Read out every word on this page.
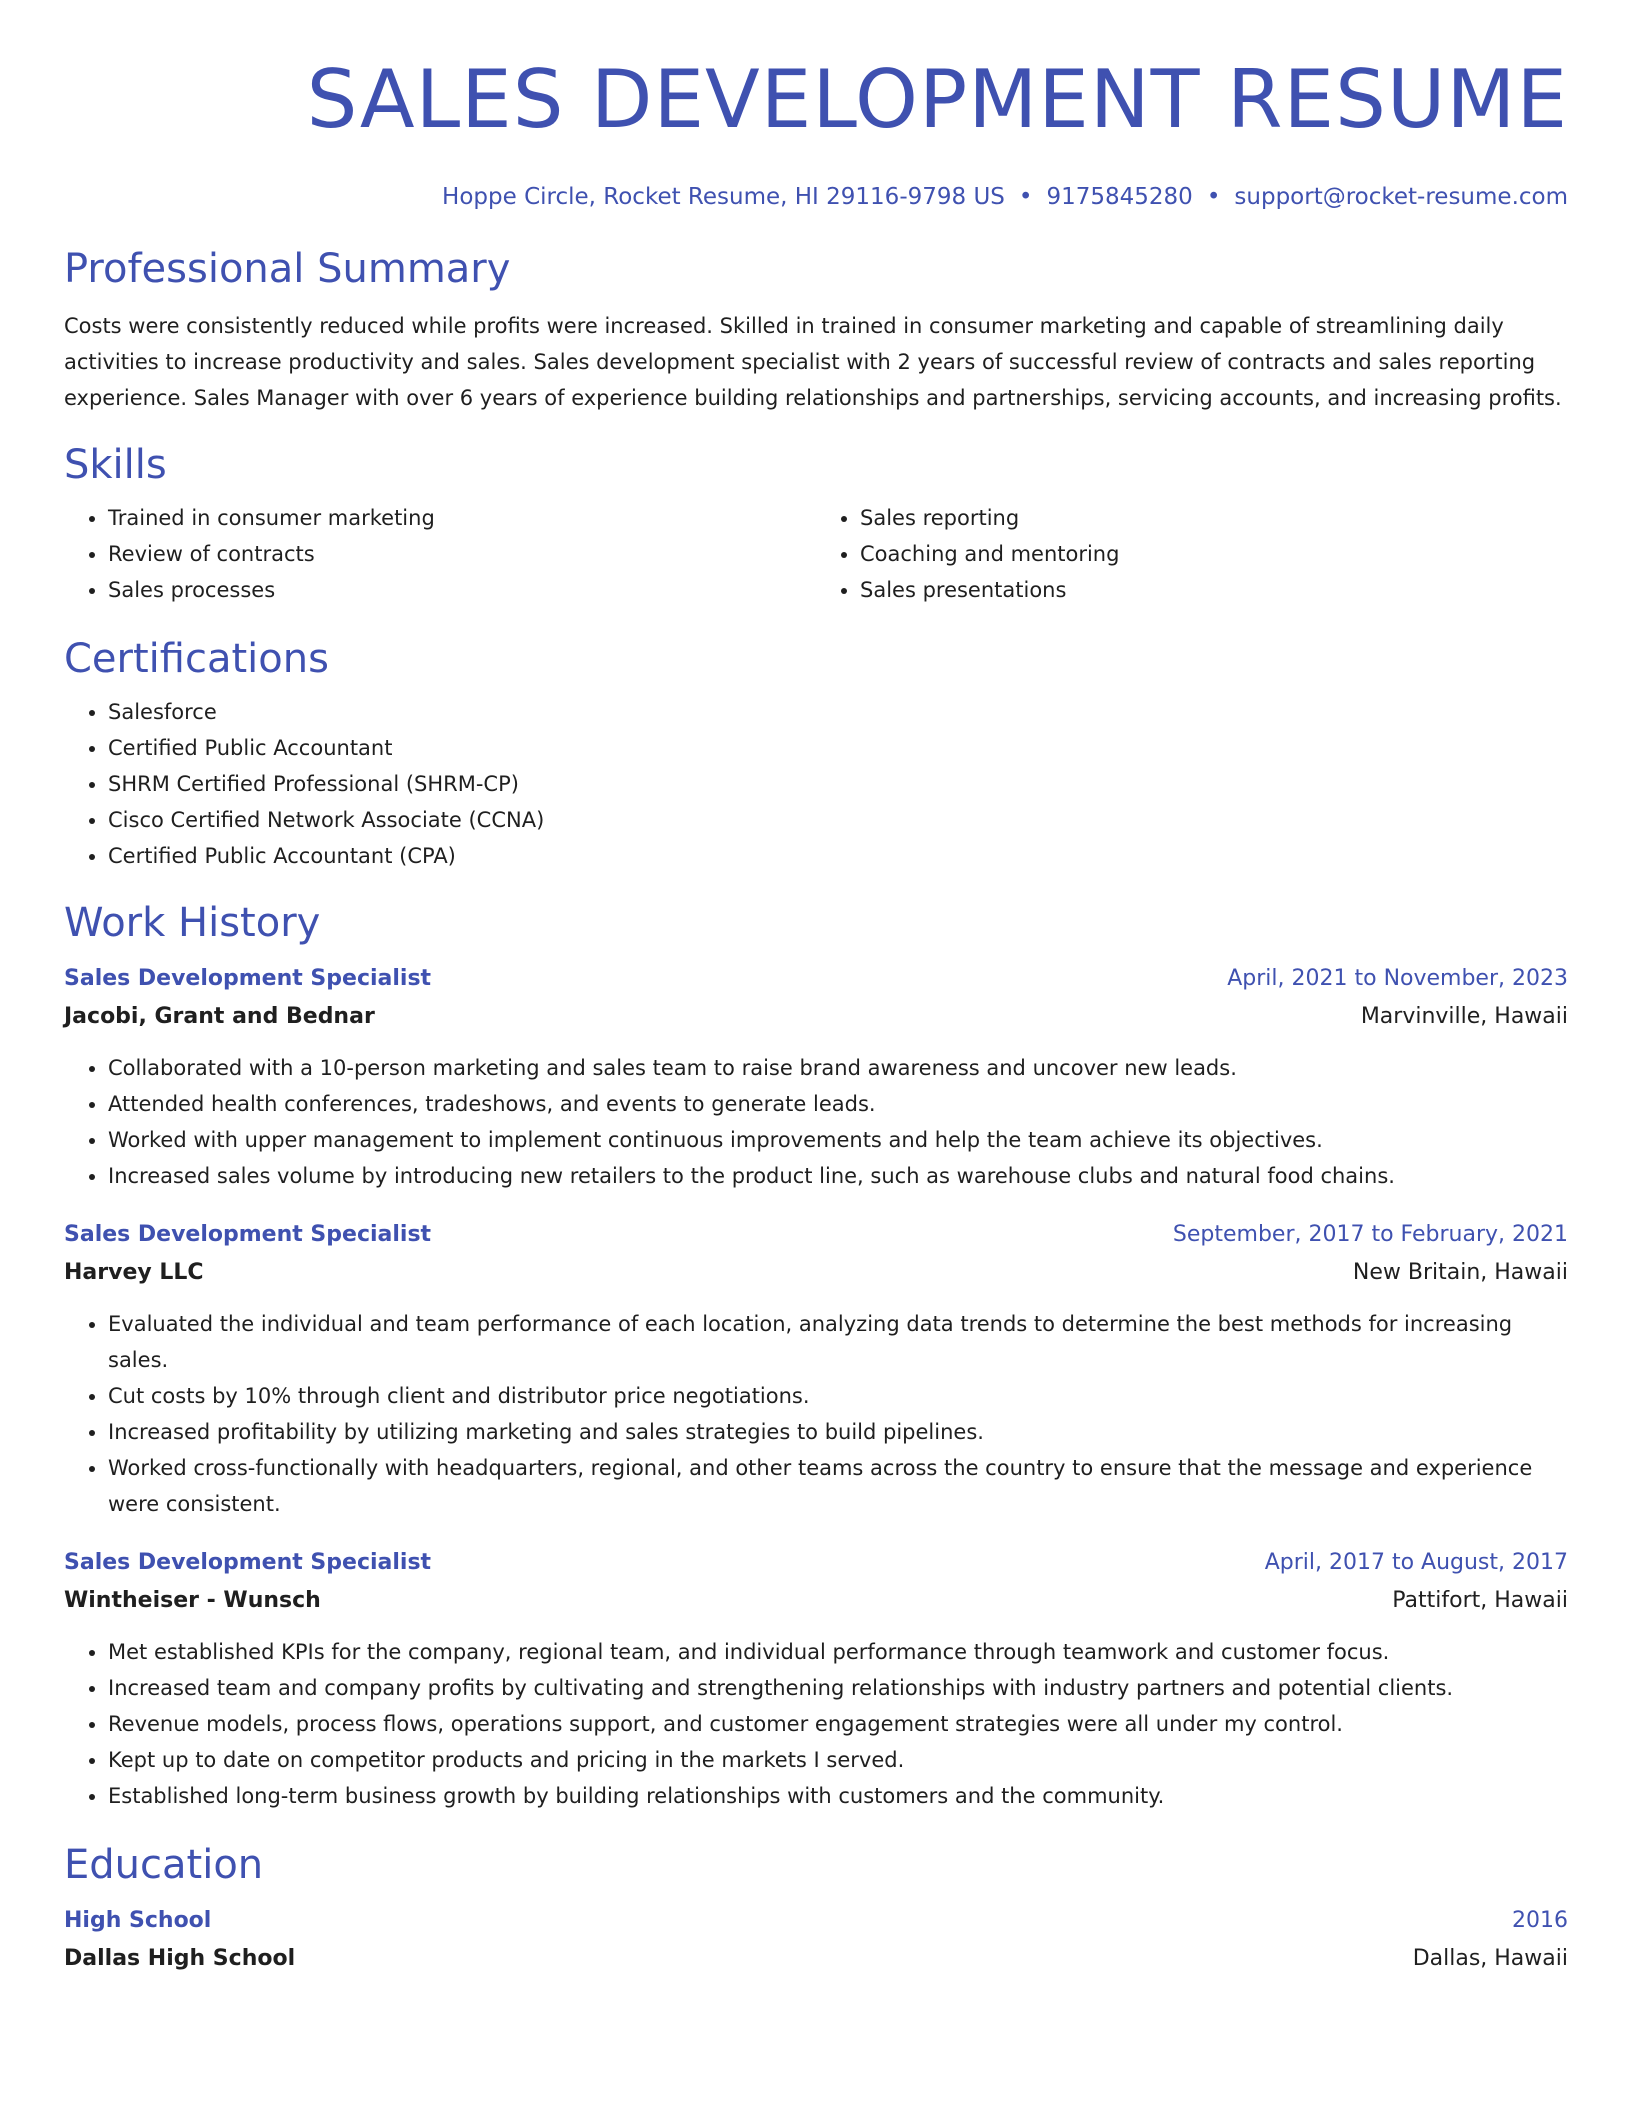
SALES DEVELOPMENT RESUME
Hoppe Circle, Rocket Resume, HI 29116-9798 US • 9175845280 • support@rocket-resume.com
Professional Summary

Costs were consistently reduced while profits were increased. Skilled in trained in consumer marketing and capable of streamlining daily activities to increase productivity and sales. Sales development specialist with 2 years of successful review of contracts and sales reporting experience. Sales Manager with over 6 years of experience building relationships and partnerships, servicing accounts, and increasing profits.

Skills
• Trained in consumer marketing
• Review of contracts
• Sales processes
• Sales reporting
• Coaching and mentoring
• Sales presentations
Certifications
• Salesforce
• Certified Public Accountant
• SHRM Certified Professional (SHRM-CP)
• Cisco Certified Network Associate (CCNA)
• Certified Public Accountant (CPA)
Work History
Sales Development Specialist	April, 2021 to November, 2023
Jacobi, Grant and Bednar	Marvinville, Hawaii
• Collaborated with a 10-person marketing and sales team to raise brand awareness and uncover new leads.
• Attended health conferences, tradeshows, and events to generate leads.
• Worked with upper management to implement continuous improvements and help the team achieve its objectives.
• Increased sales volume by introducing new retailers to the product line, such as warehouse clubs and natural food chains.
Sales Development Specialist	September, 2017 to February, 2021
Harvey LLC	New Britain, Hawaii
• Evaluated the individual and team performance of each location, analyzing data trends to determine the best methods for increasing sales.
• Cut costs by 10% through client and distributor price negotiations.
• Increased profitability by utilizing marketing and sales strategies to build pipelines.
• Worked cross-functionally with headquarters, regional, and other teams across the country to ensure that the message and experience were consistent.
Sales Development Specialist	April, 2017 to August, 2017
Wintheiser - Wunsch	Pattifort, Hawaii
• Met established KPIs for the company, regional team, and individual performance through teamwork and customer focus.
• Increased team and company profits by cultivating and strengthening relationships with industry partners and potential clients.
• Revenue models, process flows, operations support, and customer engagement strategies were all under my control.
• Kept up to date on competitor products and pricing in the markets I served.
• Established long-term business growth by building relationships with customers and the community.
Education
High School	2016
Dallas High School	Dallas, Hawaii
